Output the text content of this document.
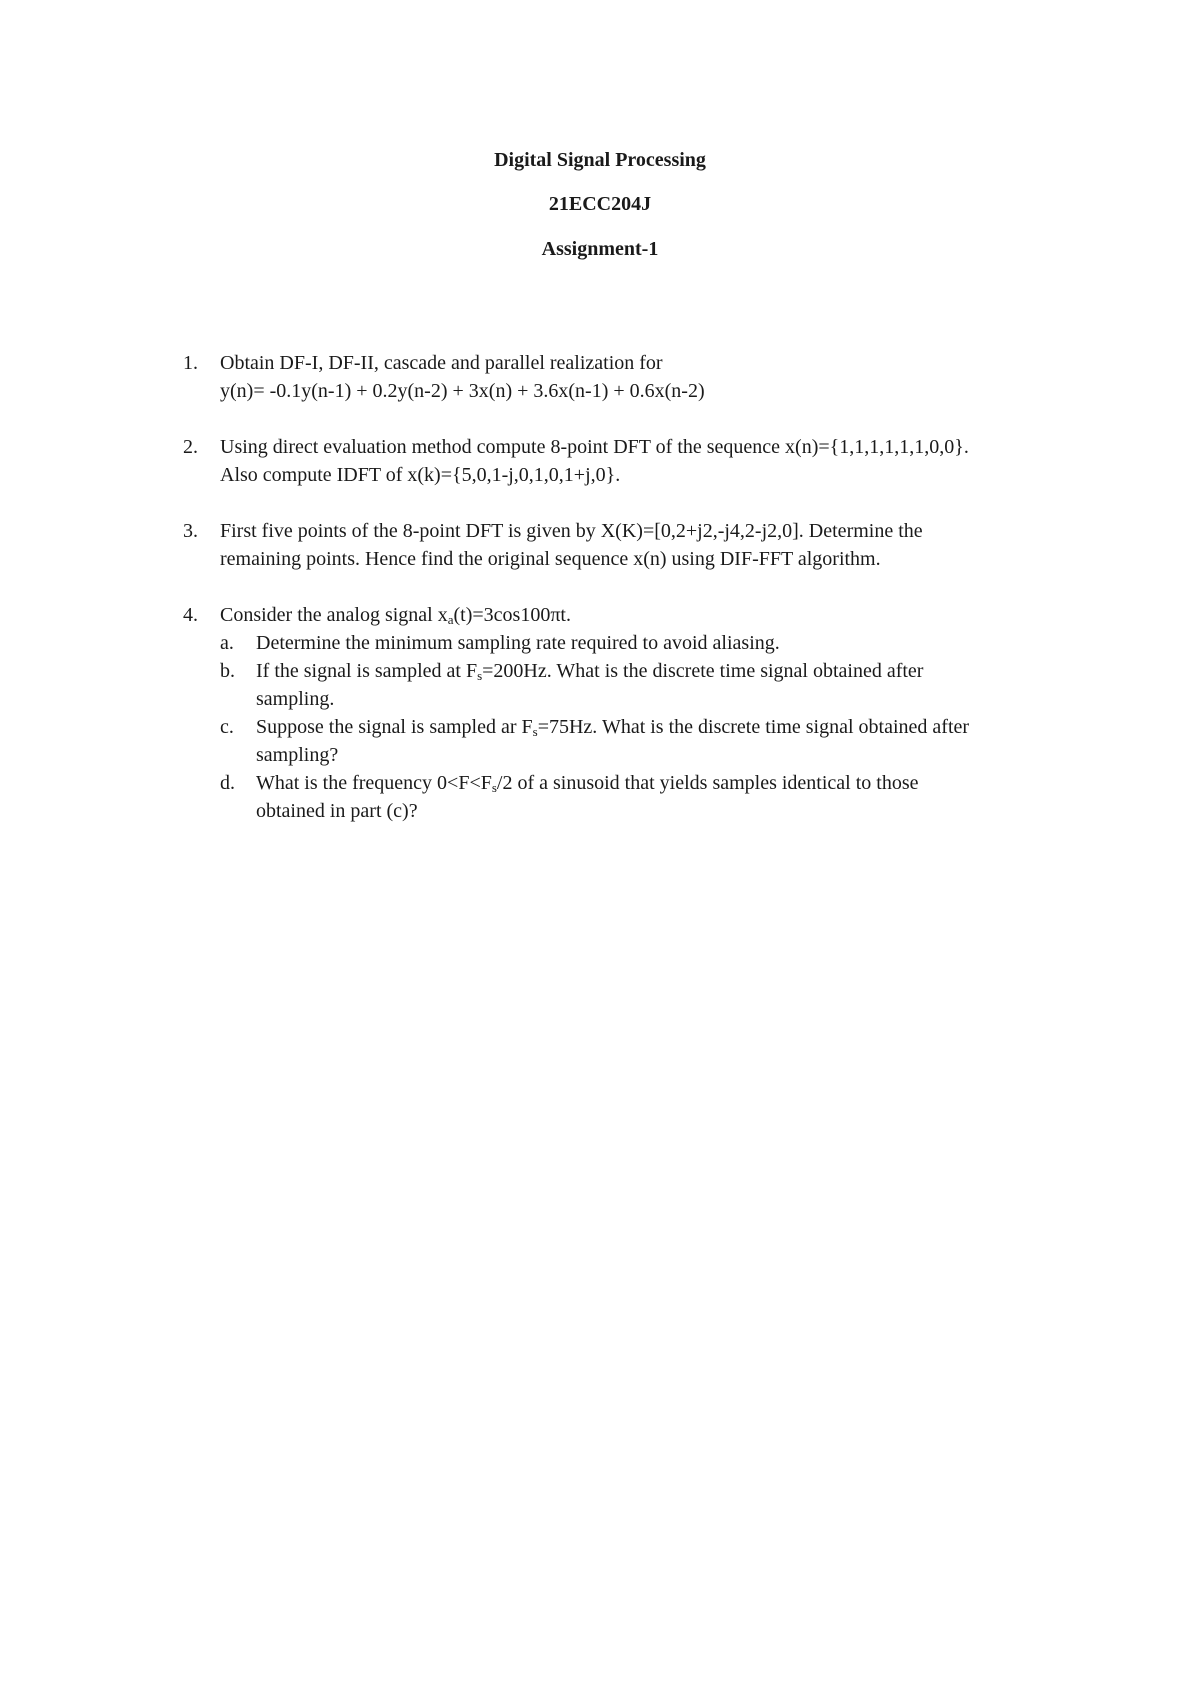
Digital Signal Processing
21ECC204J
Assignment-1
1. Obtain DF-I, DF-II, cascade and parallel realization for
y(n)= -0.1y(n-1) + 0.2y(n-2) + 3x(n) + 3.6x(n-1) + 0.6x(n-2)
2. Using direct evaluation method compute 8-point DFT of the sequence x(n)={1,1,1,1,1,1,0,0}.
Also compute IDFT of x(k)={5,0,1-j,0,1,0,1+j,0}.
3. First five points of the 8-point DFT is given by X(K)=[0,2+j2,-j4,2-j2,0]. Determine the
remaining points. Hence find the original sequence x(n) using DIF-FFT algorithm.
4. Consider the analog signal $x_a(t)=3\cos 100\pi t$.
a. Determine the minimum sampling rate required to avoid aliasing.
b. If the signal is sampled at $F_s=200Hz$. What is the discrete time signal obtained after
sampling.
c. Suppose the signal is sampled ar $F_s=75Hz$. What is the discrete time signal obtained after
sampling?
d. What is the frequency $0<F<F_s/2$ of a sinusoid that yields samples identical to those
obtained in part (c)?
